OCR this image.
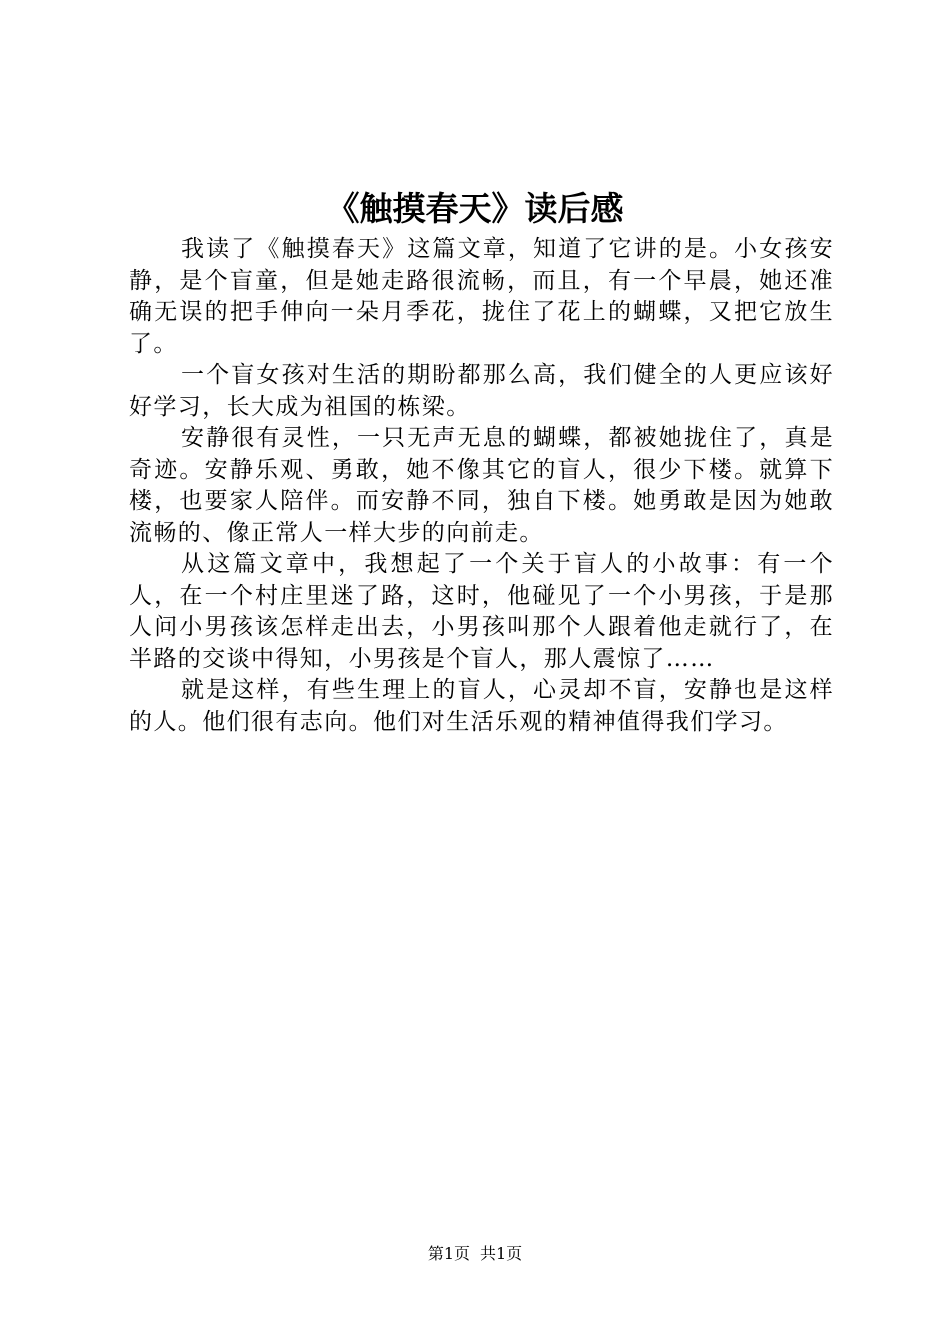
《触摸春天》读后感

我读了《触摸春天》这篇文章，知道了它讲的是。小女孩安静，是个盲童，但是她走路很流畅，而且，有一个早晨，她还准确无误的把手伸向一朵月季花，拢住了花上的蝴蝶，又把它放生了。

一个盲女孩对生活的期盼都那么高，我们健全的人更应该好好学习，长大成为祖国的栋梁。

安静很有灵性，一只无声无息的蝴蝶，都被她拢住了，真是奇迹。安静乐观、勇敢，她不像其它的盲人，很少下楼。就算下楼，也要家人陪伴。而安静不同，独自下楼。她勇敢是因为她敢流畅的、像正常人一样大步的向前走。

从这篇文章中，我想起了一个关于盲人的小故事：有一个人，在一个村庄里迷了路，这时，他碰见了一个小男孩，于是那人问小男孩该怎样走出去，小男孩叫那个人跟着他走就行了，在半路的交谈中得知，小男孩是个盲人，那人震惊了……

就是这样，有些生理上的盲人，心灵却不盲，安静也是这样的人。他们很有志向。他们对生活乐观的精神值得我们学习。

第1页 共1页
